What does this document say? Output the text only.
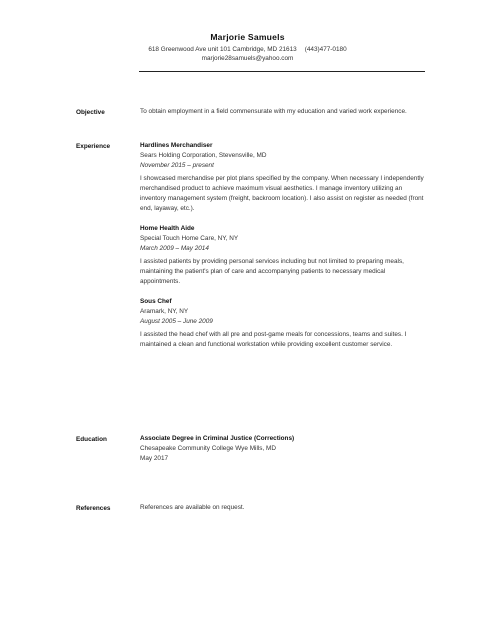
Marjorie Samuels
618 Greenwood Ave unit 101 Cambridge, MD 21613 (443)477-0180
marjorie28samuels@yahoo.com
Objective	To obtain employment in a field commensurate with my education and varied work experience.
Experience	Hardlines Merchandiser
Sears Holding Corporation, Stevensville, MD
November 2015 – present
I showcased merchandise per plot plans specified by the company. When necessary I independently merchandised product to achieve maximum visual aesthetics. I manage inventory utilizing an inventory management system (freight, backroom location). I also assist on register as needed (front end, layaway, etc.).
Home Health Aide
Special Touch Home Care, NY, NY
March 2009 – May 2014
I assisted patients by providing personal services including but not limited to preparing meals, maintaining the patient's plan of care and accompanying patients to necessary medical appointments.
Sous Chef
Aramark, NY, NY
August 2005 – June 2009
I assisted the head chef with all pre and post-game meals for concessions, teams and suites. I maintained a clean and functional workstation while providing excellent customer service.
Education	Associate Degree in Criminal Justice (Corrections)
Chesapeake Community College Wye Mills, MD
May 2017
References	References are available on request.
